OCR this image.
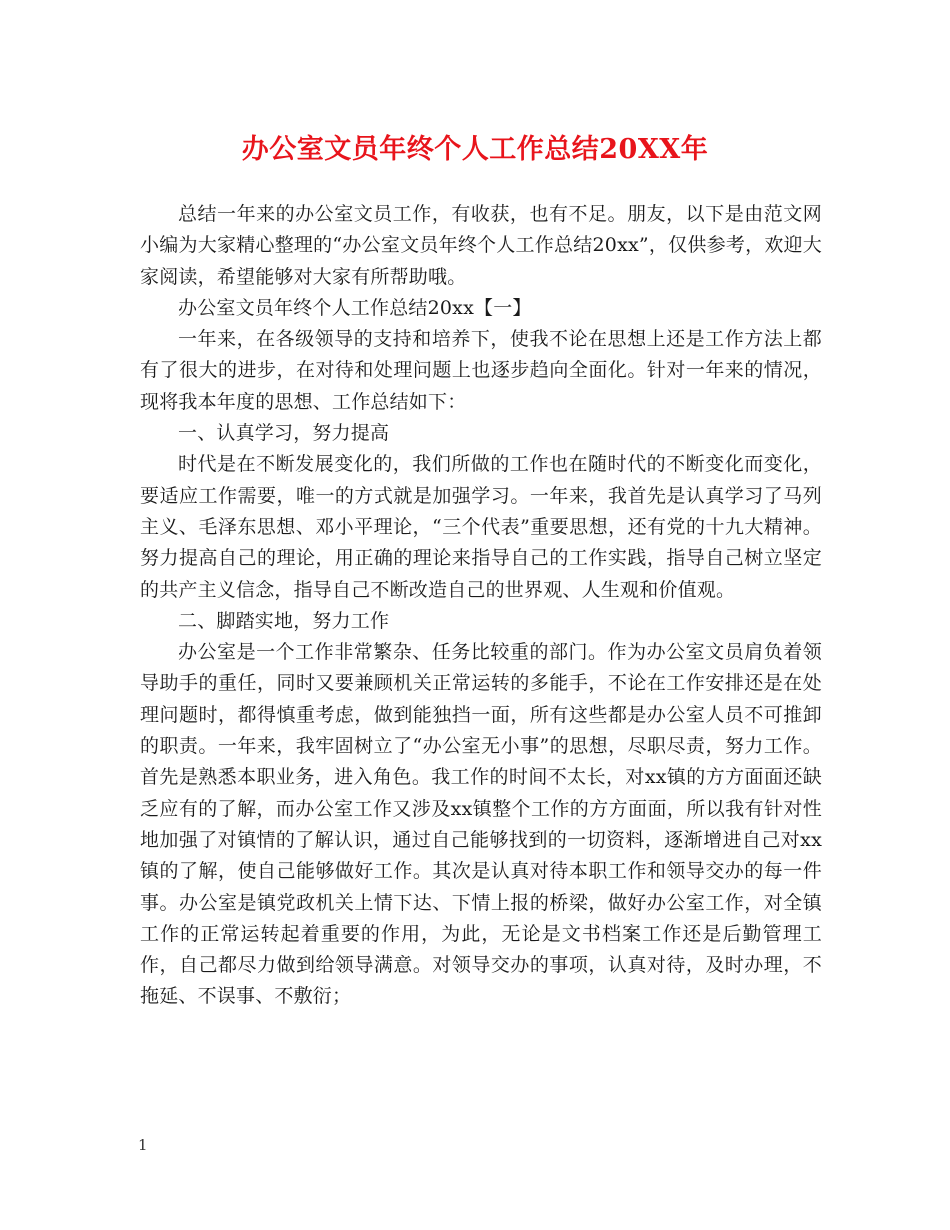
办公室文员年终个人工作总结20XX年

总结一年来的办公室文员工作，有收获，也有不足。朋友，以下是由范文网小编为大家精心整理的“办公室文员年终个人工作总结20xx”，仅供参考，欢迎大家阅读，希望能够对大家有所帮助哦。

办公室文员年终个人工作总结20xx【一】

一年来，在各级领导的支持和培养下，使我不论在思想上还是工作方法上都有了很大的进步，在对待和处理问题上也逐步趋向全面化。针对一年来的情况，现将我本年度的思想、工作总结如下：

一、认真学习，努力提高

时代是在不断发展变化的，我们所做的工作也在随时代的不断变化而变化，要适应工作需要，唯一的方式就是加强学习。一年来，我首先是认真学习了马列主义、毛泽东思想、邓小平理论，“三个代表”重要思想，还有党的十九大精神。努力提高自己的理论，用正确的理论来指导自己的工作实践，指导自己树立坚定的共产主义信念，指导自己不断改造自己的世界观、人生观和价值观。

二、脚踏实地，努力工作

办公室是一个工作非常繁杂、任务比较重的部门。作为办公室文员肩负着领导助手的重任，同时又要兼顾机关正常运转的多能手，不论在工作安排还是在处理问题时，都得慎重考虑，做到能独挡一面，所有这些都是办公室人员不可推卸的职责。一年来，我牢固树立了“办公室无小事”的思想，尽职尽责，努力工作。首先是熟悉本职业务，进入角色。我工作的时间不太长，对xx镇的方方面面还缺乏应有的了解，而办公室工作又涉及xx镇整个工作的方方面面，所以我有针对性地加强了对镇情的了解认识，通过自己能够找到的一切资料，逐渐增进自己对xx镇的了解，使自己能够做好工作。其次是认真对待本职工作和领导交办的每一件事。办公室是镇党政机关上情下达、下情上报的桥梁，做好办公室工作，对全镇工作的正常运转起着重要的作用，为此，无论是文书档案工作还是后勤管理工作，自己都尽力做到给领导满意。对领导交办的事项，认真对待，及时办理，不拖延、不误事、不敷衍；

1
